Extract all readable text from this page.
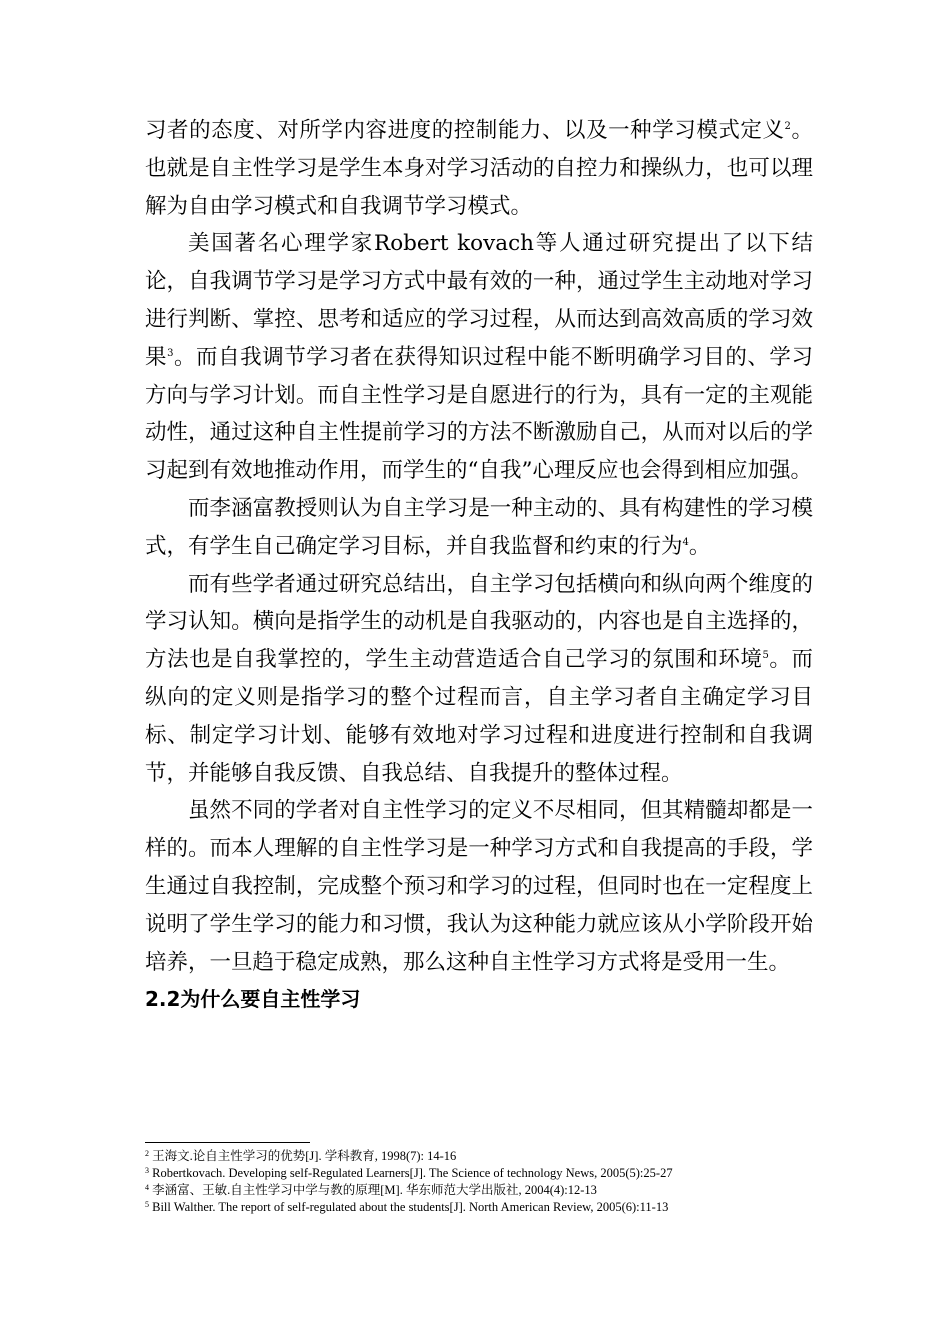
习者的态度、对所学内容进度的控制能力、以及一种学习模式定义$^2$。也就是自主性学习是学生本身对学习活动的自控力和操纵力，也可以理解为自由学习模式和自我调节学习模式。

美国著名心理学家Robert kovach等人通过研究提出了以下结论，自我调节学习是学习方式中最有效的一种，通过学生主动地对学习进行判断、掌控、思考和适应的学习过程，从而达到高效高质的学习效果$^3$。而自我调节学习者在获得知识过程中能不断明确学习目的、学习方向与学习计划。而自主性学习是自愿进行的行为，具有一定的主观能动性，通过这种自主性提前学习的方法不断激励自己，从而对以后的学习起到有效地推动作用，而学生的“自我”心理反应也会得到相应加强。

而李涵富教授则认为自主学习是一种主动的、具有构建性的学习模式，有学生自己确定学习目标，并自我监督和约束的行为$^4$。

而有些学者通过研究总结出，自主学习包括横向和纵向两个维度的学习认知。横向是指学生的动机是自我驱动的，内容也是自主选择的，方法也是自我掌控的，学生主动营造适合自己学习的氛围和环境$^5$。而纵向的定义则是指学习的整个过程而言，自主学习者自主确定学习目标、制定学习计划、能够有效地对学习过程和进度进行控制和自我调节，并能够自我反馈、自我总结、自我提升的整体过程。

虽然不同的学者对自主性学习的定义不尽相同，但其精髓却都是一样的。而本人理解的自主性学习是一种学习方式和自我提高的手段，学生通过自我控制，完成整个预习和学习的过程，但同时也在一定程度上说明了学生学习的能力和习惯，我认为这种能力就应该从小学阶段开始培养，一旦趋于稳定成熟，那么这种自主性学习方式将是受用一生。

2.2为什么要自主性学习
$^2$ 王海文.论自主性学习的优势[J]. 学科教育, 1998(7): 14-16
$^3$ Robertkovach. Developing self-Regulated Learners[J]. The Science of technology News, 2005(5):25-27
$^4$ 李涵富、王敏.自主性学习中学与教的原理[M]. 华东师范大学出版社, 2004(4):12-13
$^5$ Bill Walther. The report of self-regulated about the students[J]. North American Review, 2005(6):11-13
